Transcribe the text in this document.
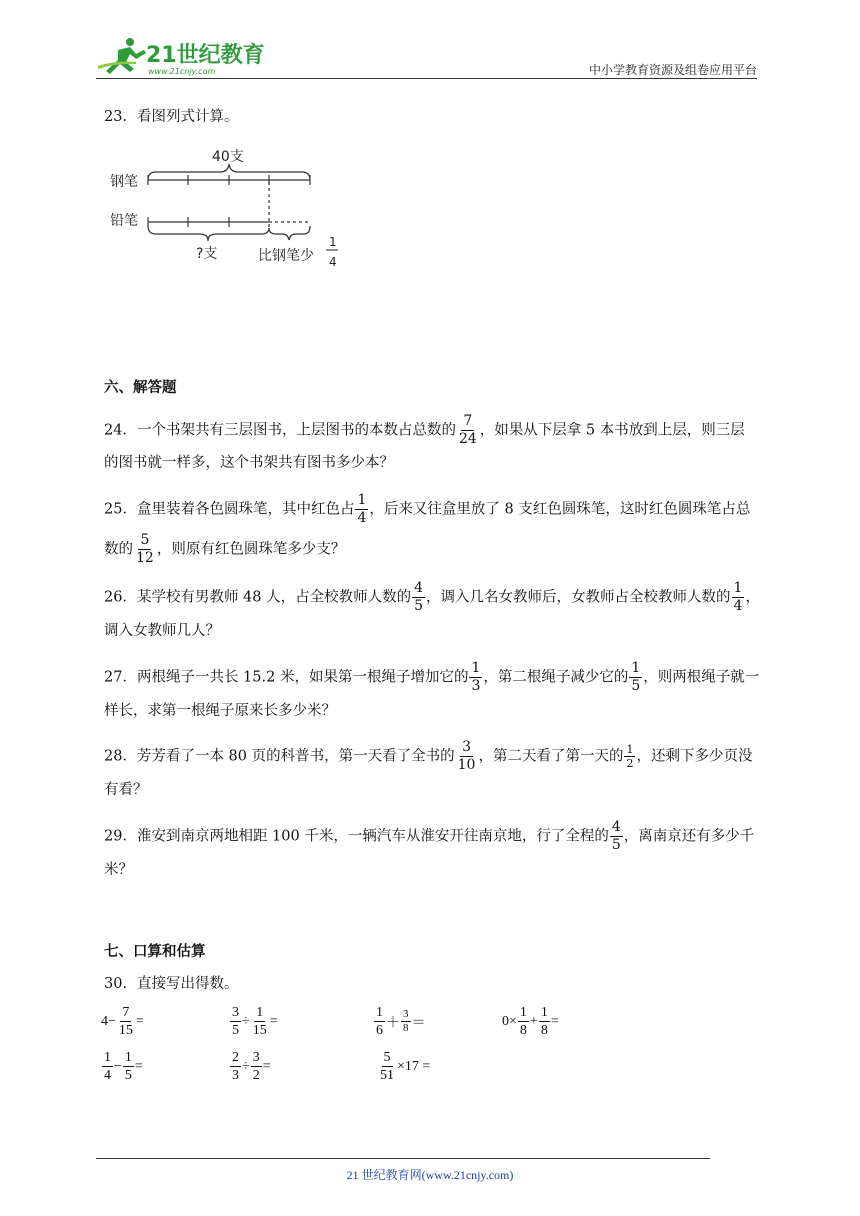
21世纪教育
www.21cnjy.com	中小学教育资源及组卷应用平台
23．看图列式计算。
40支
钢笔
铅笔
?支	比钢笔少
1
4
六、解答题
24．一个书架共有三层图书，上层图书的本数占总数的 $\frac{7}{24}$ ，如果从下层拿 5 本书放到上层，则三层
的图书就一样多，这个书架共有图书多少本？
25．盒里装着各色圆珠笔，其中红色占 $\frac{1}{4}$ ，后来又往盒里放了 8 支红色圆珠笔，这时红色圆珠笔占总
数的 $\frac{5}{12}$ ，则原有红色圆珠笔多少支？
26．某学校有男教师 48 人，占全校教师人数的 $\frac{4}{5}$ ，调入几名女教师后，女教师占全校教师人数的 $\frac{1}{4}$ ，
调入女教师几人？
27．两根绳子一共长 15.2 米，如果第一根绳子增加它的 $\frac{1}{3}$ ，第二根绳子减少它的 $\frac{1}{5}$ ，则两根绳子就一
样长，求第一根绳子原来长多少米？
28．芳芳看了一本 80 页的科普书，第一天看了全书的 $\frac{3}{10}$ ，第二天看了第一天的 $\frac{1}{2}$ ，还剩下多少页没
有看？
29．淮安到南京两地相距 100 千米，一辆汽车从淮安开往南京地，行了全程的 $\frac{4}{5}$ ，离南京还有多少千
米？
七、口算和估算
30．直接写出得数。
$4- \frac{7}{15}$ =	$\frac{3}{5} \div \frac{1}{15}$ =	$\frac{1}{6} + \frac{3}{8}$ ＝	$0\times \frac{1}{8} + \frac{1}{8}$ =
$\frac{1}{4} - \frac{1}{5}$ =	$\frac{2}{3} \div \frac{3}{2}$ =	$\frac{5}{51} \times 17$ =
21 世纪教育网(www.21cnjy.com)
